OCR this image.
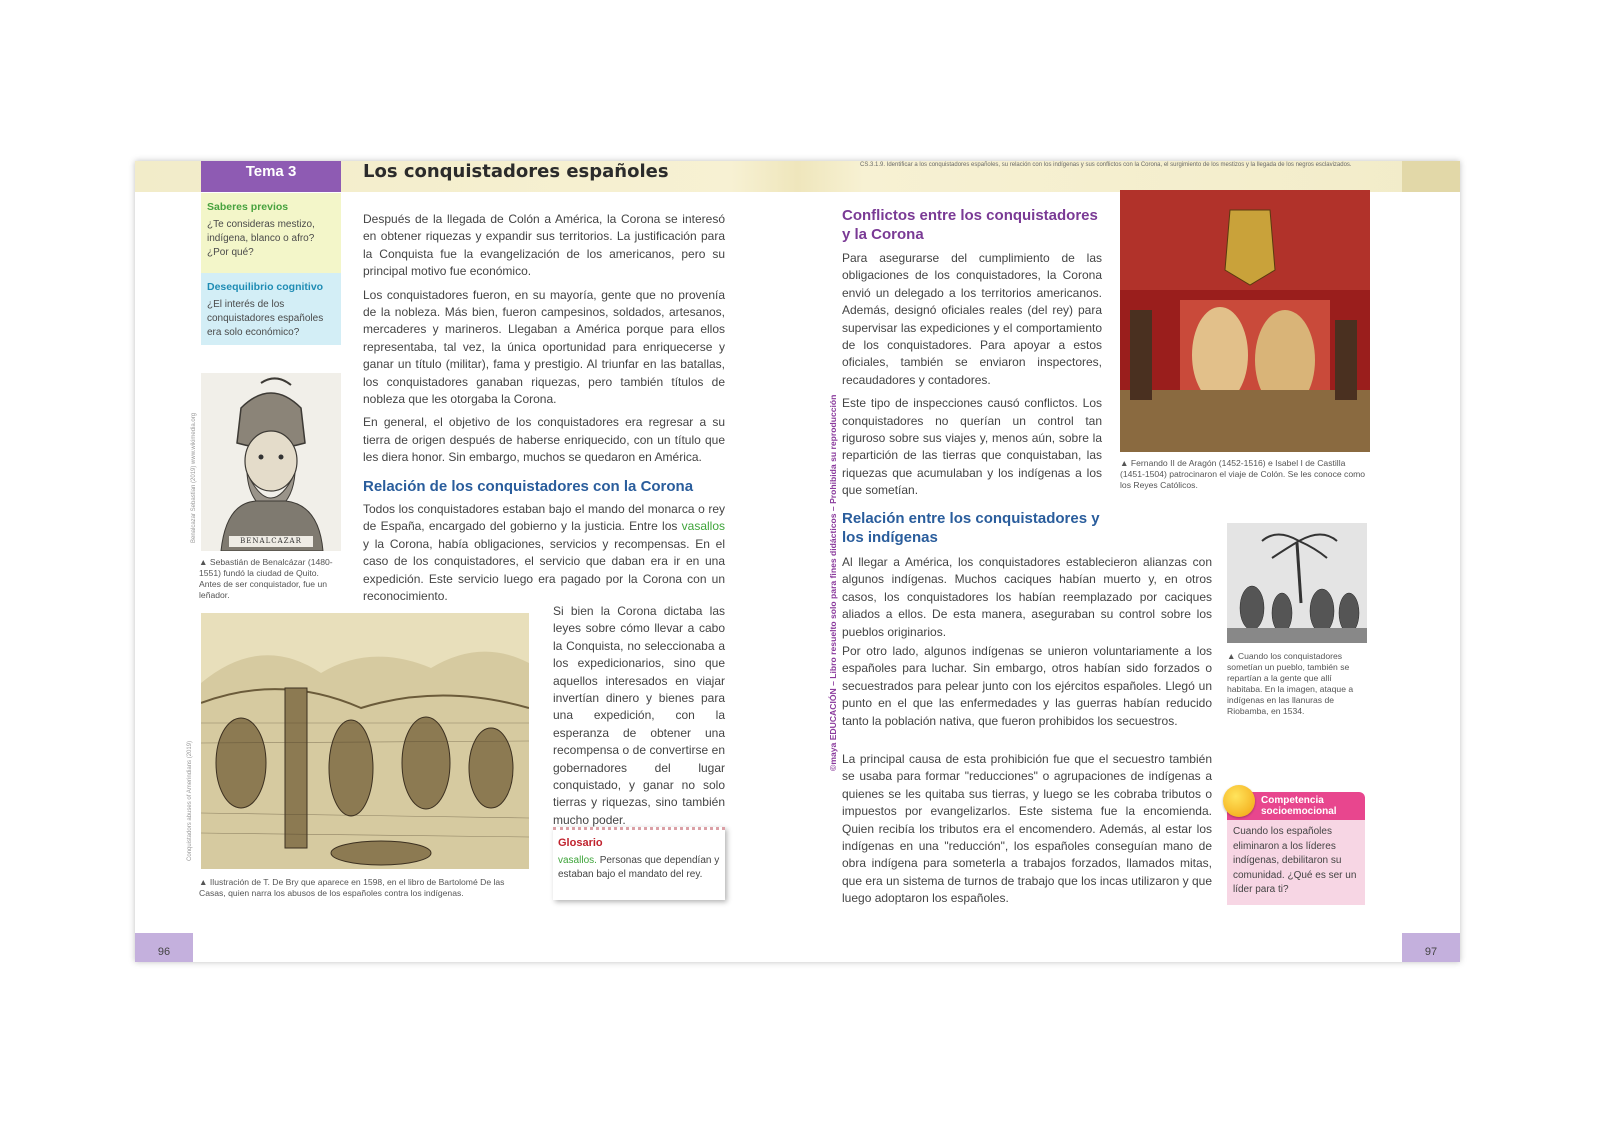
Tema 3	Los conquistadores españoles	CS.3.1.9. Identificar a los conquistadores españoles, su relación con los indígenas y sus conflictos con la Corona, el surgimiento de los mestizos y la llegada de los negros esclavizados.
Saberes previos

¿Te consideras mestizo, indígena, blanco o afro? ¿Por qué?

Desequilibrio cognitivo

¿El interés de los conquistadores españoles era solo económico?

BENALCAZAR
Benalcazar Sebastian (2019) www.wikimedia.org
▲ Sebastián de Benalcázar (1480-1551) fundó la ciudad de Quito. Antes de ser conquistador, fue un leñador.

Después de la llegada de Colón a América, la Corona se interesó en obtener riquezas y expandir sus territorios. La justificación para la Conquista fue la evangelización de los americanos, pero su principal motivo fue económico.

Los conquistadores fueron, en su mayoría, gente que no provenía de la nobleza. Más bien, fueron campesinos, soldados, artesanos, mercaderes y marineros. Llegaban a América porque para ellos representaba, tal vez, la única oportunidad para enriquecerse y ganar un título (militar), fama y prestigio. Al triunfar en las batallas, los conquistadores ganaban riquezas, pero también títulos de nobleza que les otorgaba la Corona.

En general, el objetivo de los conquistadores era regresar a su tierra de origen después de haberse enriquecido, con un título que les diera honor. Sin embargo, muchos se quedaron en América.

Relación de los conquistadores con la Corona

Todos los conquistadores estaban bajo el mando del monarca o rey de España, encargado del gobierno y la justicia. Entre los vasallos y la Corona, había obligaciones, servicios y recompensas. En el caso de los conquistadores, el servicio que daban era ir en una expedición. Este servicio luego era pagado por la Corona con un reconocimiento.

Conquistadors abuses of Amerindians (2019)
▲ Ilustración de T. De Bry que aparece en 1598, en el libro de Bartolomé De las Casas, quien narra los abusos de los españoles contra los indígenas.
Si bien la Corona dictaba las leyes sobre cómo llevar a cabo la Conquista, no seleccionaba a los expedicionarios, sino que aquellos interesados en viajar invertían dinero y bienes para una expedición, con la esperanza de obtener una recompensa o de convertirse en gobernadores del lugar conquistado, y ganar no solo tierras y riquezas, sino también mucho poder.
Glosario

vasallos. Personas que dependían y estaban bajo el mandato del rey.

©maya EDUCACIÓN – Libro resuelto solo para fines didácticos – Prohibida su reproducción
Conflictos entre los conquistadores y la Corona

Para asegurarse del cumplimiento de las obligaciones de los conquistadores, la Corona envió un delegado a los territorios americanos. Además, designó oficiales reales (del rey) para supervisar las expediciones y el comportamiento de los conquistadores. Para apoyar a estos oficiales, también se enviaron inspectores, recaudadores y contadores.

Este tipo de inspecciones causó conflictos. Los conquistadores no querían un control tan riguroso sobre sus viajes y, menos aún, sobre la repartición de las tierras que conquistaban, las riquezas que acumulaban y los indígenas a los que sometían.

▲ Fernando II de Aragón (1452-1516) e Isabel I de Castilla (1451-1504) patrocinaron el viaje de Colón. Se les conoce como los Reyes Católicos.
Relación entre los conquistadores y los indígenas
Al llegar a América, los conquistadores establecieron alianzas con algunos indígenas. Muchos caciques habían muerto y, en otros casos, los conquistadores los habían reemplazado por caciques aliados a ellos. De esta manera, aseguraban su control sobre los pueblos originarios.
Por otro lado, algunos indígenas se unieron voluntariamente a los españoles para luchar. Sin embargo, otros habían sido forzados o secuestrados para pelear junto con los ejércitos españoles. Llegó un punto en el que las enfermedades y las guerras habían reducido tanto la población nativa, que fueron prohibidos los secuestros.
La principal causa de esta prohibición fue que el secuestro también se usaba para formar "reducciones" o agrupaciones de indígenas a quienes se les quitaba sus tierras, y luego se les cobraba tributos o impuestos por evangelizarlos. Este sistema fue la encomienda. Quien recibía los tributos era el encomendero. Además, al estar los indígenas en una "reducción", los españoles conseguían mano de obra indígena para someterla a trabajos forzados, llamados mitas, que era un sistema de turnos de trabajo que los incas utilizaron y que luego adoptaron los españoles.
▲ Cuando los conquistadores sometían un pueblo, también se repartían a la gente que allí habitaba. En la imagen, ataque a indígenas en las llanuras de Riobamba, en 1534.
Competencia socioemocional
Cuando los españoles eliminaron a los líderes indígenas, debilitaron su comunidad. ¿Qué es ser un líder para ti?
96	97
